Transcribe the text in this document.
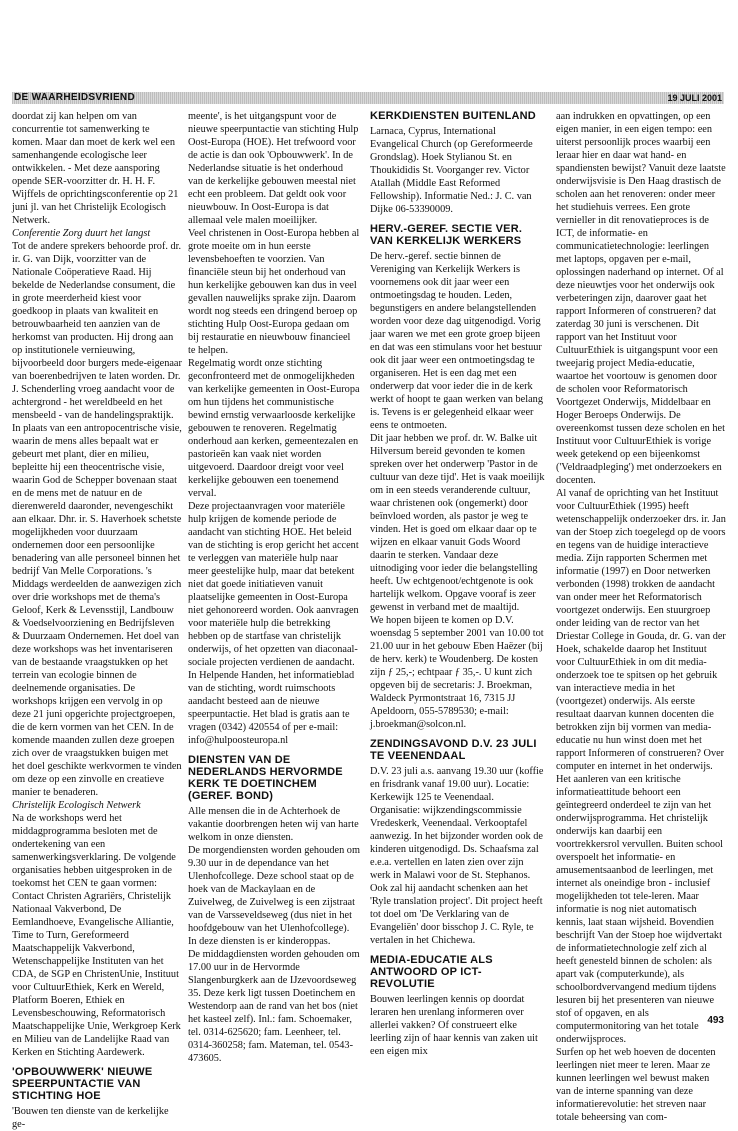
DE WAARHEIDSVRIEND	19 JULI 2001

doordat zij kan helpen om van concurrentie tot samenwerking te komen. Maar dan moet de kerk wel een samenhangende ecologische leer ontwikkelen. - Met deze aansporing opende SER-voorzitter dr. H. H. F. Wijffels de oprichtingsconferentie op 21 juni jl. van het Christelijk Ecologisch Netwerk.

Conferentie Zorg duurt het langst

Tot de andere sprekers behoorde prof. dr. ir. G. van Dijk, voorzitter van de Nationale Coöperatieve Raad. Hij bekelde de Nederlandse consument, die in grote meerderheid kiest voor goedkoop in plaats van kwaliteit en betrouwbaarheid ten aanzien van de herkomst van producten. Hij drong aan op institutionele vernieuwing, bijvoorbeeld door burgers mede-eigenaar van boerenbedrijven te laten worden. Dr. J. Schenderling vroeg aandacht voor de achtergrond - het wereldbeeld en het mensbeeld - van de handelingspraktijk. In plaats van een antropocentrische visie, waarin de mens alles bepaalt wat er gebeurt met plant, dier en milieu, bepleitte hij een theocentrische visie, waarin God de Schepper bovenaan staat en de mens met de natuur en de dierenwereld daaronder, nevengeschikt aan elkaar. Dhr. ir. S. Haverhoek schetste mogelijkheden voor duurzaam ondernemen door een persoonlijke benadering van alle personeel binnen het bedrijf Van Melle Corporations. 's Middags werdeelden de aanwezigen zich over drie workshops met de thema's Geloof, Kerk & Levensstijl, Landbouw & Voedselvoorziening en Bedrijfsleven & Duurzaam Ondernemen. Het doel van deze workshops was het inventariseren van de bestaande vraagstukken op het terrein van ecologie binnen de deelnemende organisaties. De workshops krijgen een vervolg in op deze 21 juni opgerichte projectgroepen, die de kern vormen van het CEN. In de komende maanden zullen deze groepen zich over de vraagstukken buigen met het doel geschikte werkvormen te vinden om deze op een zinvolle en creatieve manier te benaderen.

Christelijk Ecologisch Netwerk

Na de workshops werd het middagprogramma besloten met de ondertekening van een samenwerkingsverklaring. De volgende organisaties hebben uitgesproken in de toekomst het CEN te gaan vormen: Contact Christen Agrariërs, Christelijk Nationaal Vakverbond, De Eemlandhoeve, Evangelische Alliantie, Time to Turn, Gereformeerd Maatschappelijk Vakverbond, Wetenschappelijke Instituten van het CDA, de SGP en ChristenUnie, Instituut voor CultuurEthiek, Kerk en Wereld, Platform Boeren, Ethiek en Levensbeschouwing, Reformatorisch Maatschappelijke Unie, Werkgroep Kerk en Milieu van de Landelijke Raad van Kerken en Stichting Aardewerk.

'OPBOUWWERK' NIEUWE SPEERPUNTACTIE VAN STICHTING HOE

'Bouwen ten dienste van de kerkelijke ge-

meente', is het uitgangspunt voor de nieuwe speerpuntactie van stichting Hulp Oost-Europa (HOE). Het trefwoord voor de actie is dan ook 'Opbouwwerk'. In de Nederlandse situatie is het onderhoud van de kerkelijke gebouwen meestal niet echt een probleem. Dat geldt ook voor nieuwbouw. In Oost-Europa is dat allemaal vele malen moeilijker.

Veel christenen in Oost-Europa hebben al grote moeite om in hun eerste levensbehoeften te voorzien. Van financiële steun bij het onderhoud van hun kerkelijke gebouwen kan dus in veel gevallen nauwelijks sprake zijn. Daarom wordt nog steeds een dringend beroep op stichting Hulp Oost-Europa gedaan om bij restauratie en nieuwbouw financieel te helpen.

Regelmatig wordt onze stichting geconfronteerd met de onmogelijkheden van kerkelijke gemeenten in Oost-Europa om hun tijdens het communistische bewind ernstig verwaarloosde kerkelijke gebouwen te renoveren. Regelmatig onderhoud aan kerken, gemeentezalen en pastorieën kan vaak niet worden uitgevoerd. Daardoor dreigt voor veel kerkelijke gebouwen een toenemend verval.

Deze projectaanvragen voor materiële hulp krijgen de komende periode de aandacht van stichting HOE. Het beleid van de stichting is erop gericht het accent te verleggen van materiële hulp naar meer geestelijke hulp, maar dat betekent niet dat goede initiatieven vanuit plaatselijke gemeenten in Oost-Europa niet gehonoreerd worden. Ook aanvragen voor materiële hulp die betrekking hebben op de startfase van christelijk onderwijs, of het opzetten van diaconaal-sociale projecten verdienen de aandacht. In Helpende Handen, het informatieblad van de stichting, wordt ruimschoots aandacht besteed aan de nieuwe speerpuntactie. Het blad is gratis aan te vragen (0342) 420554 of per e-mail: info@hulpoosteuropa.nl

DIENSTEN VAN DE NEDERLANDS HERVORMDE KERK TE DOETINCHEM (GEREF. BOND)

Alle mensen die in de Achterhoek de vakantie doorbrengen heten wij van harte welkom in onze diensten.

De morgendiensten worden gehouden om 9.30 uur in de dependance van het Ulenhofcollege. Deze school staat op de hoek van de Mackaylaan en de Zuivelweg, de Zuivelweg is een zijstraat van de Varsseveldseweg (dus niet in het hoofdgebouw van het Ulenhofcollege). In deze diensten is er kinderoppas.

De middagdiensten worden gehouden om 17.00 uur in de Hervormde Slangenburgkerk aan de IJzevoordseweg 35. Deze kerk ligt tussen Doetinchem en Westendorp aan de rand van het bos (niet het kasteel zelf). Inl.: fam. Schoemaker, tel. 0314-625620; fam. Leenheer, tel. 0314-360258; fam. Mateman, tel. 0543-473605.

KERKDIENSTEN BUITENLAND

Larnaca, Cyprus, International Evangelical Church (op Gereformeerde Grondslag). Hoek Stylianou St. en Thoukididis St. Voorganger rev. Victor Atallah (Middle East Reformed Fellowship). Informatie Ned.: J. C. van Dijke 06-53390009.

HERV.-GEREF. SECTIE VER. VAN KERKELIJK WERKERS

De herv.-geref. sectie binnen de Vereniging van Kerkelijk Werkers is voornemens ook dit jaar weer een ontmoetingsdag te houden. Leden, begunstigers en andere belangstellenden worden voor deze dag uitgenodigd. Vorig jaar waren we met een grote groep bijeen en dat was een stimulans voor het bestuur ook dit jaar weer een ontmoetingsdag te organiseren. Het is een dag met een onderwerp dat voor ieder die in de kerk werkt of hoopt te gaan werken van belang is. Tevens is er gelegenheid elkaar weer eens te ontmoeten.

Dit jaar hebben we prof. dr. W. Balke uit Hilversum bereid gevonden te komen spreken over het onderwerp 'Pastor in de cultuur van deze tijd'. Het is vaak moeilijk om in een steeds veranderende cultuur, waar christenen ook (ongemerkt) door beïnvloed worden, als pastor je weg te vinden. Het is goed om elkaar daar op te wijzen en elkaar vanuit Gods Woord daarin te sterken. Vandaar deze uitnodiging voor ieder die belangstelling heeft. Uw echtgenoot/echtgenote is ook hartelijk welkom. Opgave vooraf is zeer gewenst in verband met de maaltijd.

We hopen bijeen te komen op D.V. woensdag 5 september 2001 van 10.00 tot 21.00 uur in het gebouw Eben Haëzer (bij de herv. kerk) te Woudenberg. De kosten zijn ƒ 25,-; echtpaar ƒ 35,-. U kunt zich opgeven bij de secretaris: J. Broekman, Waldeck Pyrmontstraat 16, 7315 JJ Apeldoorn, 055-5789530; e-mail: j.broekman@solcon.nl.

ZENDINGSAVOND D.V. 23 JULI TE VEENENDAAL

D.V. 23 juli a.s. aanvang 19.30 uur (koffie en frisdrank vanaf 19.00 uur). Locatie: Kerkewijk 125 te Veenendaal. Organisatie: wijkzendingscommissie Vredeskerk, Veenendaal. Verkooptafel aanwezig. In het bijzonder worden ook de kinderen uitgenodigd. Ds. Schaafsma zal e.e.a. vertellen en laten zien over zijn werk in Malawi voor de St. Stephanos. Ook zal hij aandacht schenken aan het 'Ryle translation project'. Dit project heeft tot doel om 'De Verklaring van de Evangeliën' door bisschop J. C. Ryle, te vertalen in het Chichewa.

MEDIA-EDUCATIE ALS ANTWOORD OP ICT-REVOLUTIE

Bouwen leerlingen kennis op doordat leraren hen urenlang informeren over allerlei vakken? Of construeert elke leerling zijn of haar kennis van zaken uit een eigen mix

aan indrukken en opvattingen, op een eigen manier, in een eigen tempo: een uiterst persoonlijk proces waarbij een leraar hier en daar wat hand- en spandiensten bewijst? Vanuit deze laatste onderwijsvisie is Den Haag drastisch de scholen aan het renoveren: onder meer het studiehuis verrees. Een grote vernieller in dit renovatieproces is de ICT, de informatie- en communicatietechnologie: leerlingen met laptops, opgaven per e-mail, oplossingen naderhand op internet. Of al deze nieuwtjes voor het onderwijs ook verbeteringen zijn, daarover gaat het rapport Informeren of construeren? dat zaterdag 30 juni is verschenen. Dit rapport van het Instituut voor CultuurEthiek is uitgangspunt voor een tweejarig project Media-educatie, waartoe het voortouw is genomen door de scholen voor Reformatorisch Voortgezet Onderwijs, Middelbaar en Hoger Beroeps Onderwijs. De overeenkomst tussen deze scholen en het Instituut voor CultuurEthiek is vorige week getekend op een bijeenkomst ('Veldraadpleging') met onderzoekers en docenten.

Al vanaf de oprichting van het Instituut voor CultuurEthiek (1995) heeft wetenschappelijk onderzoeker drs. ir. Jan van der Stoep zich toegelegd op de voors en tegens van de huidige interactieve media. Zijn rapporten Schermen met informatie (1997) en Door netwerken verbonden (1998) trokken de aandacht van onder meer het Reformatorisch voortgezet onderwijs. Een stuurgroep onder leiding van de rector van het Driestar College in Gouda, dr. G. van der Hoek, schakelde daarop het Instituut voor CultuurEthiek in om dit media-onderzoek toe te spitsen op het gebruik van interactieve media in het (voortgezet) onderwijs. Als eerste resultaat daarvan kunnen docenten die betrokken zijn bij vormen van media-educatie nu hun winst doen met het rapport Informeren of construeren? Over computer en internet in het onderwijs.

Het aanleren van een kritische informatieattitude behoort een geïntegreerd onderdeel te zijn van het onderwijsprogramma. Het christelijk onderwijs kan daarbij een voortrekkersrol vervullen. Buiten school overspoelt het informatie- en amusementsaanbod de leerlingen, met internet als oneindige bron - inclusief mogelijkheden tot tele-leren. Maar informatie is nog niet automatisch kennis, laat staan wijsheid. Bovendien beschrijft Van der Stoep hoe wijdvertakt de informatietechnologie zelf zich al heeft genesteld binnen de scholen: als apart vak (computerkunde), als schoolbordvervangend medium tijdens lesuren bij het presenteren van nieuwe stof of opgaven, en als computermonitoring van het totale onderwijsproces.

Surfen op het web hoeven de docenten leerlingen niet meer te leren. Maar ze kunnen leerlingen wel bewust maken van de interne spanning van deze informatierevolutie: het streven naar totale beheersing van com-

493
